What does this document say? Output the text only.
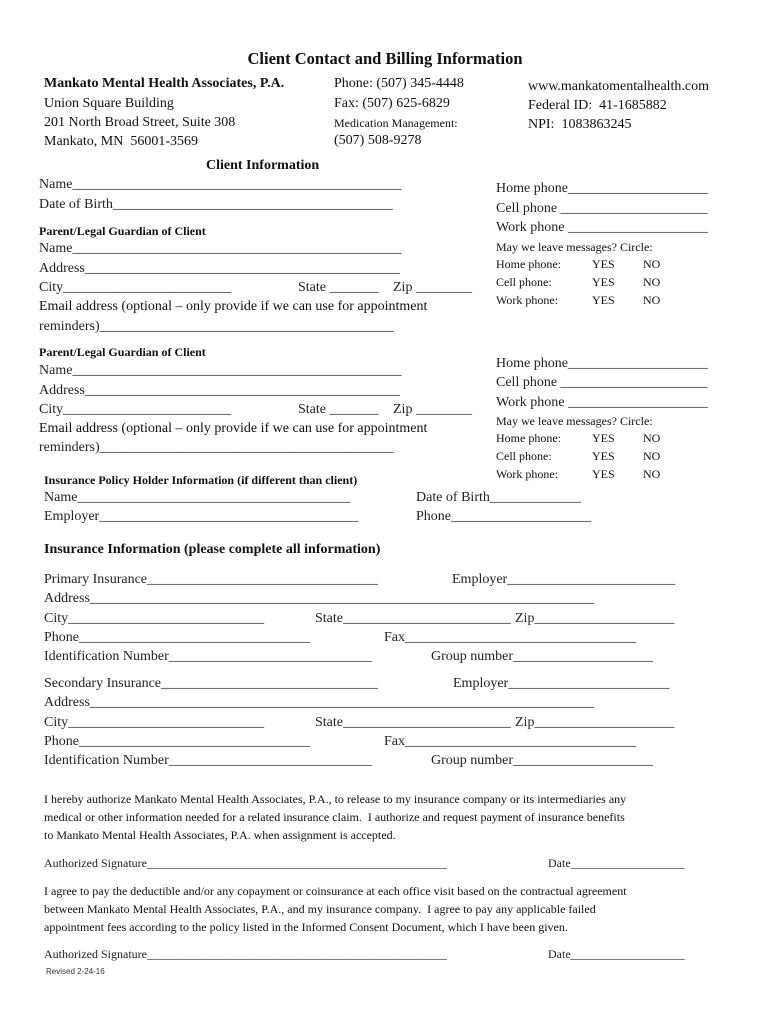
Client Contact and Billing Information
Mankato Mental Health Associates, P.A.
Union Square Building
201 North Broad Street, Suite 308
Mankato, MN  56001-3569
Phone: (507) 345-4448
Fax: (507) 625-6829
Medication Management:
(507) 508-9278
www.mankatomentalhealth.com
Federal ID:  41-1685882
NPI:  1083863245
Client Information
Name_______________________________________________
Date of Birth________________________________________
Home phone____________________
Cell phone _____________________
Work phone ____________________
Parent/Legal Guardian of Client
Name_______________________________________________
Address_____________________________________________
City________________________	State _______ Zip ________
Email address (optional – only provide if we can use for appointment
reminders)__________________________________________
May we leave messages? Circle:
Home phone:	YES NO
Cell phone:	YES NO
Work phone:	YES NO
Parent/Legal Guardian of Client
Name_______________________________________________
Address_____________________________________________
City________________________	State _______ Zip ________
Email address (optional – only provide if we can use for appointment
reminders)__________________________________________
Home phone____________________
Cell phone _____________________
Work phone ____________________
May we leave messages? Circle:
Home phone:	YES NO
Cell phone:	YES NO
Work phone:	YES NO
Insurance Policy Holder Information (if different than client)
Name_______________________________________	Date of Birth_____________
Employer_____________________________________	Phone____________________
Insurance Information (please complete all information)
Primary Insurance_________________________________	Employer________________________
Address________________________________________________________________________
City____________________________	State________________________ Zip____________________
Phone_________________________________	Fax_________________________________
Identification Number_____________________________	Group number____________________
Secondary Insurance_______________________________	Employer_______________________
Address________________________________________________________________________
City____________________________	State________________________ Zip____________________
Phone_________________________________	Fax_________________________________
Identification Number_____________________________	Group number____________________
I hereby authorize Mankato Mental Health Associates, P.A., to release to my insurance company or its intermediaries any
medical or other information needed for a related insurance claim.  I authorize and request payment of insurance benefits
to Mankato Mental Health Associates, P.A. when assignment is accepted.
Authorized Signature__________________________________________________	Date___________________
I agree to pay the deductible and/or any copayment or coinsurance at each office visit based on the contractual agreement
between Mankato Mental Health Associates, P.A., and my insurance company.  I agree to pay any applicable failed
appointment fees according to the policy listed in the Informed Consent Document, which I have been given.
Authorized Signature__________________________________________________	Date___________________
Revised 2-24-16
